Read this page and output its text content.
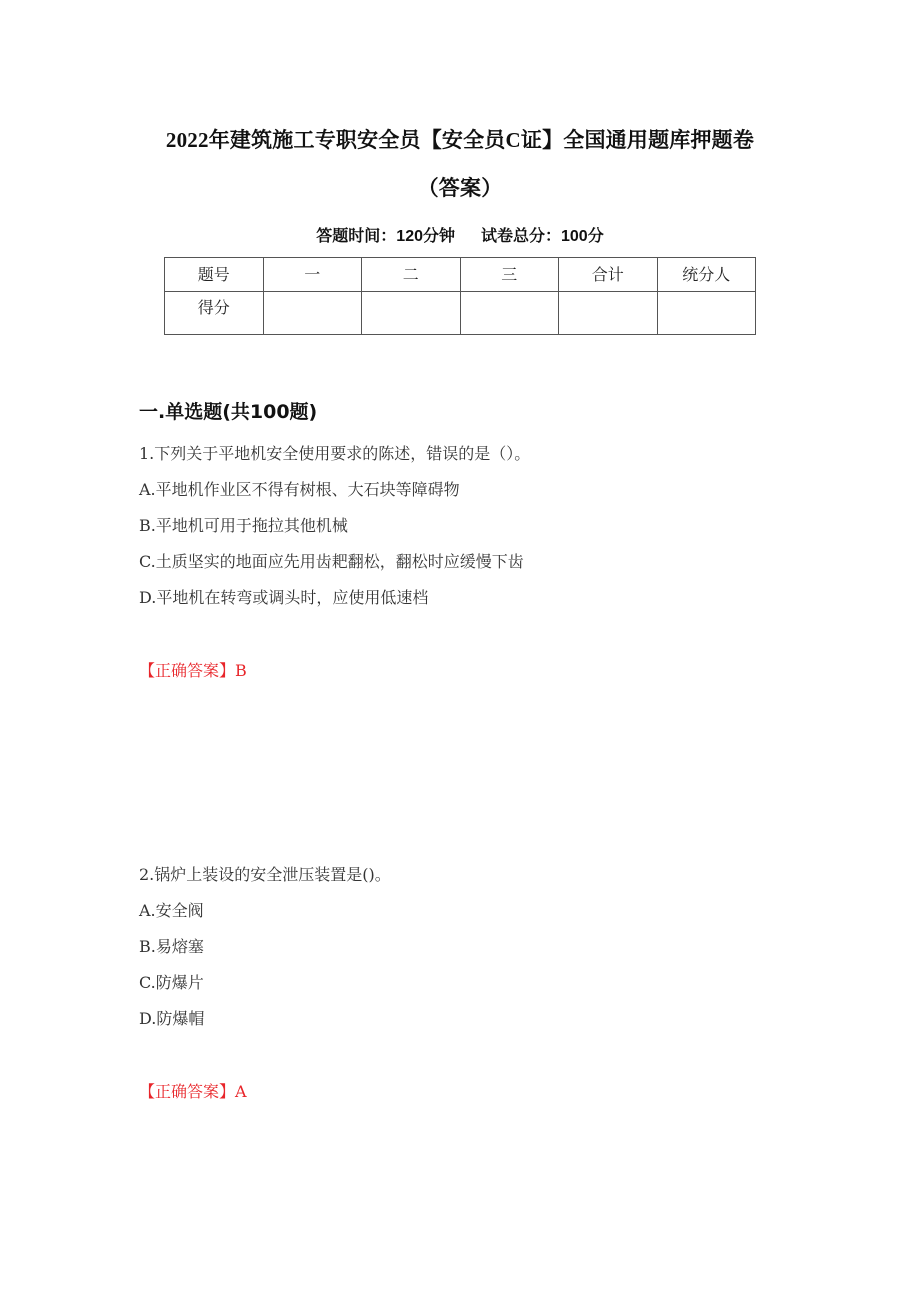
2022年建筑施工专职安全员【安全员C证】全国通用题库押题卷
（答案）
答题时间：120分钟 试卷总分：100分
题号	一	二	三	合计	统分人
得分					
一.单选题(共100题)
1.下列关于平地机安全使用要求的陈述，错误的是（）。
A.平地机作业区不得有树根、大石块等障碍物
B.平地机可用于拖拉其他机械
C.土质坚实的地面应先用齿耙翻松，翻松时应缓慢下齿
D.平地机在转弯或调头时，应使用低速档
【正确答案】B
2.锅炉上装设的安全泄压装置是()。
A.安全阀
B.易熔塞
C.防爆片
D.防爆帽
【正确答案】A
